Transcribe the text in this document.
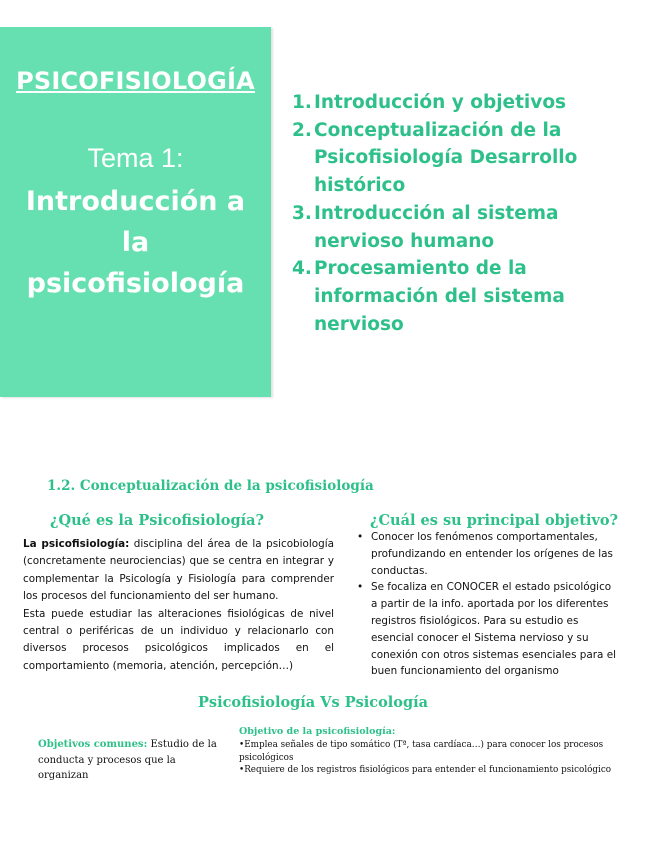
PSICOFISIOLOGÍA
Tema 1:
Introducción a la psicofisiología
1. Introducción y objetivos
2. Conceptualización de la Psicofisiología Desarrollo histórico
3. Introducción al sistema nervioso humano
4. Procesamiento de la información del sistema nervioso
1.2. Conceptualización de la psicofisiología
¿Qué es la Psicofisiología?	¿Cuál es su principal objetivo?

La psicofisiología: disciplina del área de la psicobiología (concretamente neurociencias) que se centra en integrar y complementar la Psicología y Fisiología para comprender los procesos del funcionamiento del ser humano.

Esta puede estudiar las alteraciones fisiológicas de nivel central o periféricas de un individuo y relacionarlo con diversos procesos psicológicos implicados en el comportamiento (memoria, atención, percepción…)

• Conocer los fenómenos comportamentales, profundizando en entender los orígenes de las conductas.
• Se focaliza en CONOCER el estado psicológico a partir de la info. aportada por los diferentes registros fisiológicos. Para su estudio es esencial conocer el Sistema nervioso y su conexión con otros sistemas esenciales para el buen funcionamiento del organismo
Psicofisiología Vs Psicología
Objetivos comunes: Estudio de la conducta y procesos que la organizan
Objetivo de la psicofisiología:
•Emplea señales de tipo somático (Tª, tasa cardíaca…) para conocer los procesos psicológicos
•Requiere de los registros fisiológicos para entender el funcionamiento psicológico
